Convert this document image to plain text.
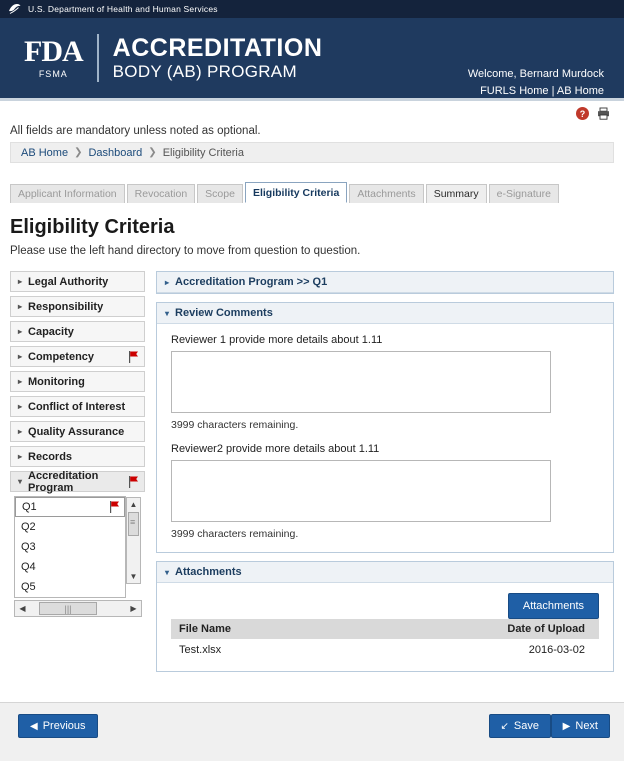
U.S. Department of Health and Human Services
FDA
FSMA
ACCREDITATION
BODY (AB) PROGRAM	Welcome, Bernard Murdock
FURLS Home | AB Home
?
All fields are mandatory unless noted as optional.
AB Home ❯ Dashboard ❯ Eligibility Criteria
Applicant Information	Revocation	Scope	Eligibility Criteria	Attachments	Summary	e-Signature
Eligibility Criteria
Please use the left hand directory to move from question to question.
▸ Legal Authority
▸ Responsibility
▸ Capacity
▸ Competency
▸ Monitoring
▸ Conflict of Interest
▸ Quality Assurance
▸ Records
▾ Accreditation Program
Q1
Q2
Q3
Q4
Q5
▲
≡
▼
◀	|||	▶
▸ Accreditation Program >> Q1
▾ Review Comments
Reviewer 1 provide more details about 1.11
3999 characters remaining.
Reviewer2 provide more details about 1.11
3999 characters remaining.
▾ Attachments
Attachments
File Name	Date of Upload
Test.xlsx	2016-03-02
◀ Previous	↙ Save ▶ Next
